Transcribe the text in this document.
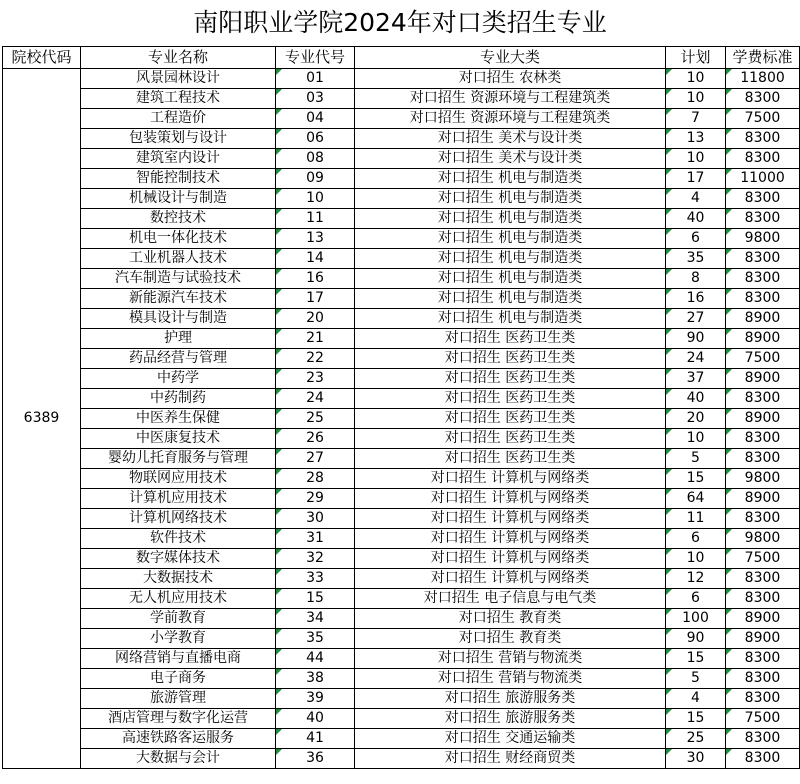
南阳职业学院2024年对口类招生专业
院校代码	专业名称	专业代号	专业大类	计划	学费标准
6389	风景园林设计	01	对口招生 农林类	10	11800
	建筑工程技术	03	对口招生 资源环境与工程建筑类	10	8300
	工程造价	04	对口招生 资源环境与工程建筑类	7	7500
	包装策划与设计	06	对口招生 美术与设计类	13	8300
	建筑室内设计	08	对口招生 美术与设计类	10	8300
	智能控制技术	09	对口招生 机电与制造类	17	11000
	机械设计与制造	10	对口招生 机电与制造类	4	8300
	数控技术	11	对口招生 机电与制造类	40	8300
	机电一体化技术	13	对口招生 机电与制造类	6	9800
	工业机器人技术	14	对口招生 机电与制造类	35	8300
	汽车制造与试验技术	16	对口招生 机电与制造类	8	8300
	新能源汽车技术	17	对口招生 机电与制造类	16	8300
	模具设计与制造	20	对口招生 机电与制造类	27	8900
	护理	21	对口招生 医药卫生类	90	8900
	药品经营与管理	22	对口招生 医药卫生类	24	7500
	中药学	23	对口招生 医药卫生类	37	8900
	中药制药	24	对口招生 医药卫生类	40	8300
	中医养生保健	25	对口招生 医药卫生类	20	8900
	中医康复技术	26	对口招生 医药卫生类	10	8300
	婴幼儿托育服务与管理	27	对口招生 医药卫生类	5	8300
	物联网应用技术	28	对口招生 计算机与网络类	15	9800
	计算机应用技术	29	对口招生 计算机与网络类	64	8900
	计算机网络技术	30	对口招生 计算机与网络类	11	8300
	软件技术	31	对口招生 计算机与网络类	6	9800
	数字媒体技术	32	对口招生 计算机与网络类	10	7500
	大数据技术	33	对口招生 计算机与网络类	12	8300
	无人机应用技术	15	对口招生 电子信息与电气类	6	8300
	学前教育	34	对口招生 教育类	100	8900
	小学教育	35	对口招生 教育类	90	8900
	网络营销与直播电商	44	对口招生 营销与物流类	15	8300
	电子商务	38	对口招生 营销与物流类	5	8300
	旅游管理	39	对口招生 旅游服务类	4	8300
	酒店管理与数字化运营	40	对口招生 旅游服务类	15	7500
	高速铁路客运服务	41	对口招生 交通运输类	25	8300
	大数据与会计	36	对口招生 财经商贸类	30	8300
